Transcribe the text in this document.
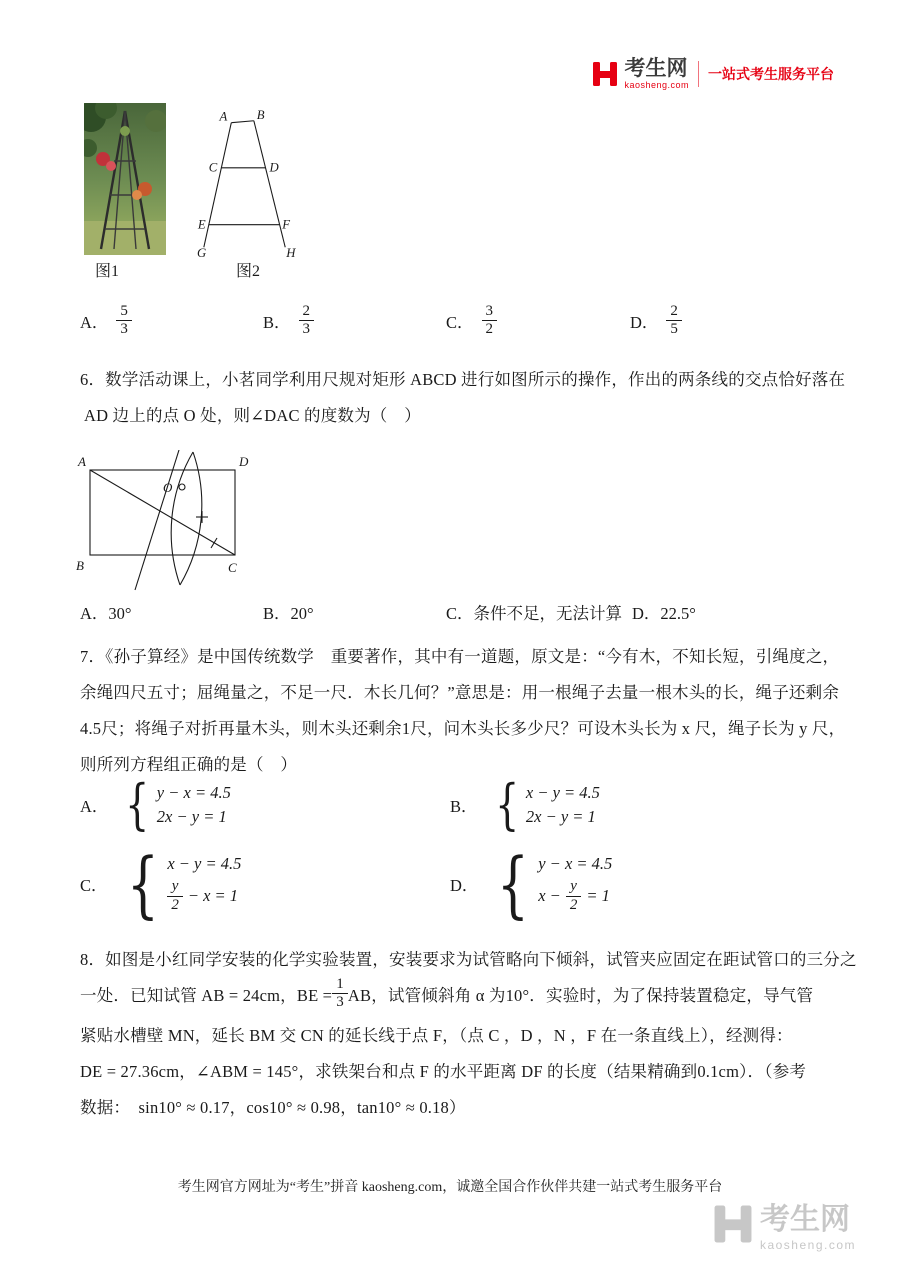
考生网
kaosheng.com
一站式考生服务平台
A B
C	D
E	F
G	H
图1	图2
A． $\frac{5}{3}$	B． $\frac{2}{3}$	C． $\frac{3}{2}$	D． $\frac{2}{5}$
6．数学活动课上，小茗同学利用尺规对矩形 ABCD 进行如图所示的操作，作出的两条线的交点恰好落在
AD 边上的点 O 处，则∠DAC 的度数为（　）
A	D
B	C
O
A．30°	B．20°	C．条件不足，无法计算 D．22.5°
7．《孙子算经》是中国传统数学　重要著作，其中有一道题，原文是：“今有木，不知长短，引绳度之，
余绳四尺五寸；屈绳量之，不足一尺．木长几何？”意思是：用一根绳子去量一根木头的长，绳子还剩余
4.5尺；将绳子对折再量木头，则木头还剩余1尺，问木头长多少尺？可设木头长为 x 尺，绳子长为 y 尺，
则所列方程组正确的是（　）
A． { y − x = 4.5
2x − y = 1
B． { x − y = 4.5
2x − y = 1
C． { x − y = 4.5
$\frac{y}{2} - x = 1$
D． { y − x = 4.5
$x - \frac{y}{2} = 1$
8．如图是小红同学安装的化学实验装置，安装要求为试管略向下倾斜，试管夹应固定在距试管口的三分之
一处．已知试管 AB = 24cm，BE = $\frac{1}{3}$ AB，试管倾斜角 α 为10°．实验时，为了保持装置稳定，导气管
紧贴水槽壁 MN，延长 BM 交 CN 的延长线于点 F，（点 C ，D ，N ，F 在一条直线上），经测得：
DE = 27.36cm，∠ABM = 145°，求铁架台和点 F 的水平距离 DF 的长度（结果精确到0.1cm）．（参考
数据：　sin10° ≈ 0.17，cos10° ≈ 0.98，tan10° ≈ 0.18）
考生网官方网址为“考生”拼音 kaosheng.com，诚邀全国合作伙伴共建一站式考生服务平台
考生网
kaosheng.com
